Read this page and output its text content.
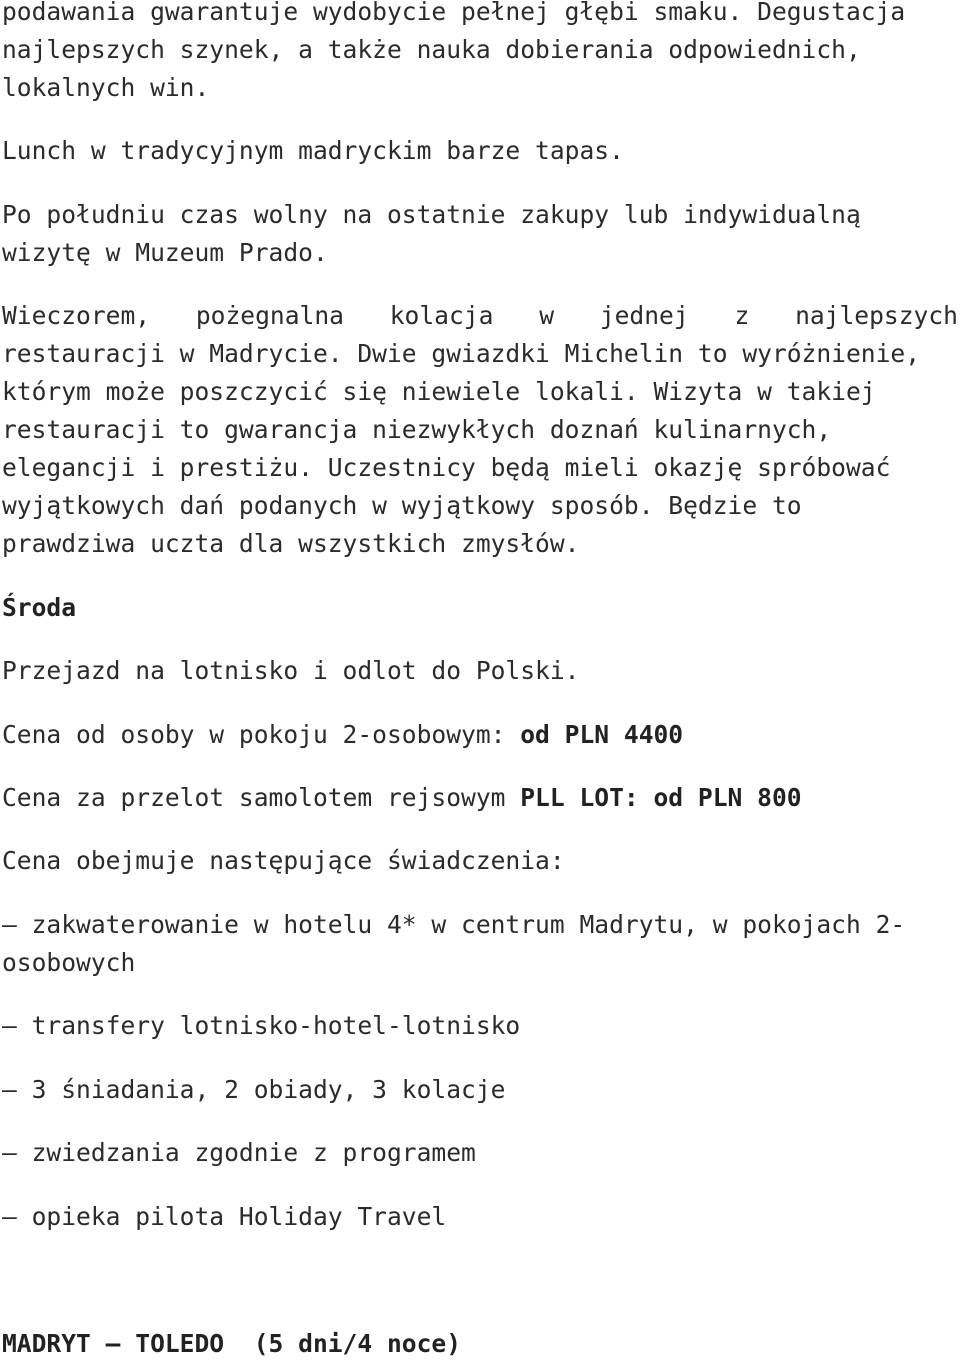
podawania gwarantuje wydobycie pełnej głębi smaku. Degustacja

najlepszych szynek, a także nauka dobierania odpowiednich,

lokalnych win.

Lunch w tradycyjnym madryckim barze tapas.

Po południu czas wolny na ostatnie zakupy lub indywidualną

wizytę w Muzeum Prado.

Wieczorem, pożegnalna kolacja w jednej z najlepszych

restauracji w Madrycie. Dwie gwiazdki Michelin to wyróżnienie,

którym może poszczycić się niewiele lokali. Wizyta w takiej

restauracji to gwarancja niezwykłych doznań kulinarnych,

elegancji i prestiżu. Uczestnicy będą mieli okazję spróbować

wyjątkowych dań podanych w wyjątkowy sposób. Będzie to

prawdziwa uczta dla wszystkich zmysłów.

Środa

Przejazd na lotnisko i odlot do Polski.

Cena od osoby w pokoju 2-osobowym: od PLN 4400

Cena za przelot samolotem rejsowym PLL LOT: od PLN 800

Cena obejmuje następujące świadczenia:

– zakwaterowanie w hotelu 4* w centrum Madrytu, w pokojach 2-

osobowych

– transfery lotnisko-hotel-lotnisko

– 3 śniadania, 2 obiady, 3 kolacje

– zwiedzania zgodnie z programem

– opieka pilota Holiday Travel

MADRYT – TOLEDO  (5 dni/4 noce)
